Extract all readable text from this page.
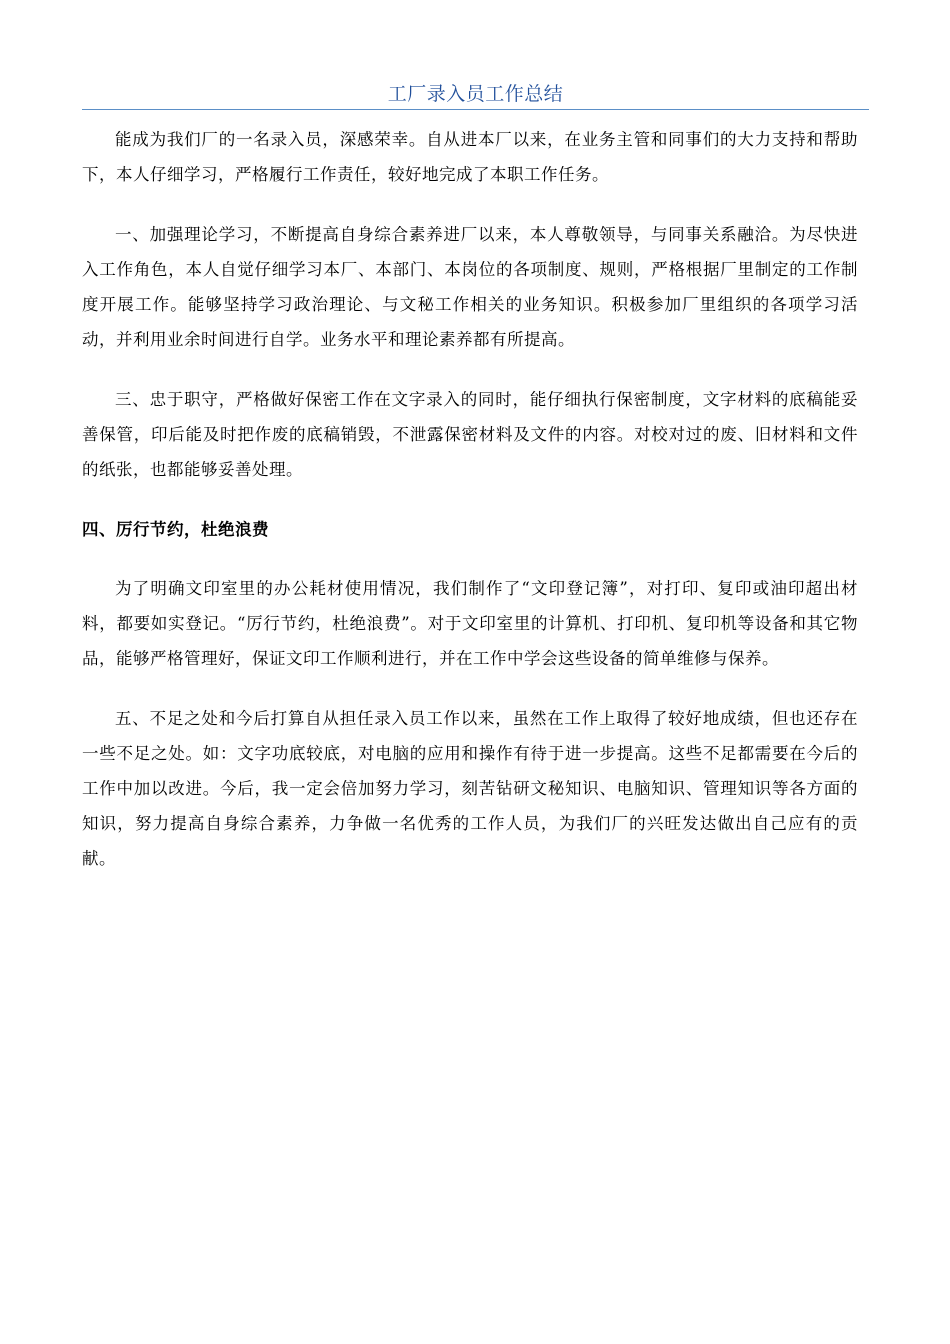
工厂录入员工作总结

能成为我们厂的一名录入员，深感荣幸。自从进本厂以来，在业务主管和同事们的大力支持和帮助下，本人仔细学习，严格履行工作责任，较好地完成了本职工作任务。

一、加强理论学习，不断提高自身综合素养进厂以来，本人尊敬领导，与同事关系融洽。为尽快进入工作角色，本人自觉仔细学习本厂、本部门、本岗位的各项制度、规则，严格根据厂里制定的工作制度开展工作。能够坚持学习政治理论、与文秘工作相关的业务知识。积极参加厂里组织的各项学习活动，并利用业余时间进行自学。业务水平和理论素养都有所提高。

三、忠于职守，严格做好保密工作在文字录入的同时，能仔细执行保密制度，文字材料的底稿能妥善保管，印后能及时把作废的底稿销毁，不泄露保密材料及文件的内容。对校对过的废、旧材料和文件的纸张，也都能够妥善处理。

四、厉行节约，杜绝浪费

为了明确文印室里的办公耗材使用情况，我们制作了“文印登记簿”，对打印、复印或油印超出材料，都要如实登记。“厉行节约，杜绝浪费”。对于文印室里的计算机、打印机、复印机等设备和其它物品，能够严格管理好，保证文印工作顺利进行，并在工作中学会这些设备的简单维修与保养。

五、不足之处和今后打算自从担任录入员工作以来，虽然在工作上取得了较好地成绩，但也还存在一些不足之处。如：文字功底较底，对电脑的应用和操作有待于进一步提高。这些不足都需要在今后的工作中加以改进。今后，我一定会倍加努力学习，刻苦钻研文秘知识、电脑知识、管理知识等各方面的知识，努力提高自身综合素养，力争做一名优秀的工作人员，为我们厂的兴旺发达做出自己应有的贡献。
